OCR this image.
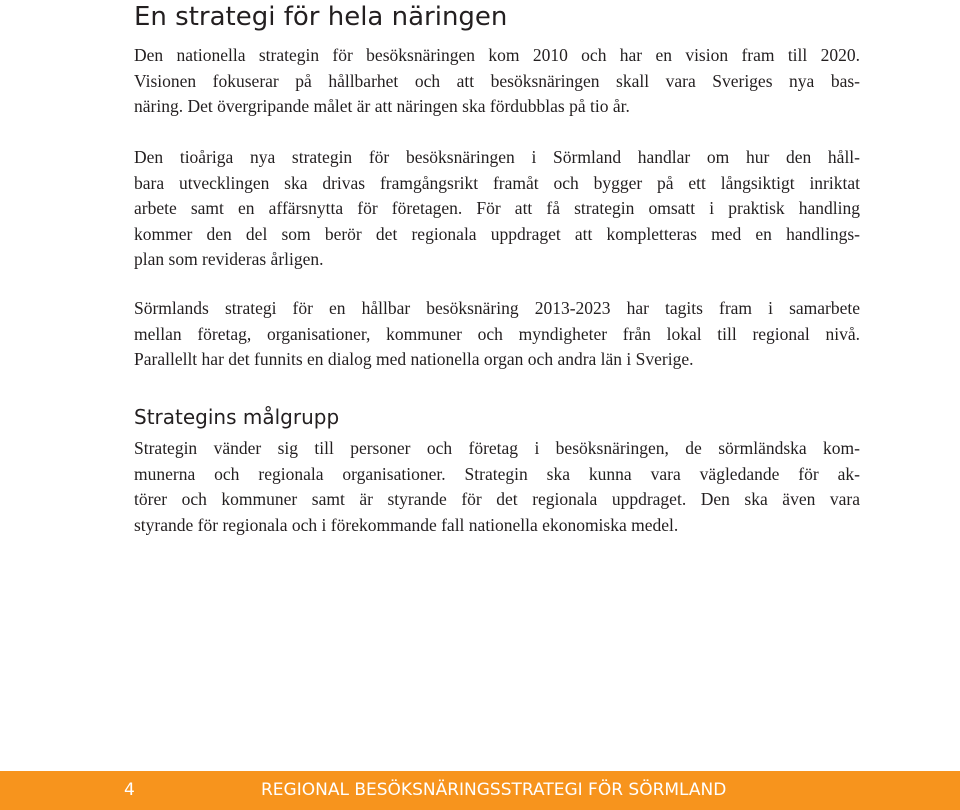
En strategi för hela näringen

Den nationella strategin för besöksnäringen kom 2010 och har en vision fram till 2020.
Visionen fokuserar på hållbarhet och att besöksnäringen skall vara Sveriges nya bas-
näring. Det övergripande målet är att näringen ska fördubblas på tio år.

Den tioåriga nya strategin för besöksnäringen i Sörmland handlar om hur den håll-
bara utvecklingen ska drivas framgångsrikt framåt och bygger på ett långsiktigt inriktat
arbete samt en affärsnytta för företagen. För att få strategin omsatt i praktisk handling
kommer den del som berör det regionala uppdraget att kompletteras med en handlings-
plan som revideras årligen.

Sörmlands strategi för en hållbar besöksnäring 2013-2023 har tagits fram i samarbete
mellan företag, organisationer, kommuner och myndigheter från lokal till regional nivå.
Parallellt har det funnits en dialog med nationella organ och andra län i Sverige.

Strategins målgrupp

Strategin vänder sig till personer och företag i besöksnäringen, de sörmländska kom-
munerna och regionala organisationer. Strategin ska kunna vara vägledande för ak-
törer och kommuner samt är styrande för det regionala uppdraget. Den ska även vara
styrande för regionala och i förekommande fall nationella ekonomiska medel.

4	REGIONAL BESÖKSNÄRINGSSTRATEGI FÖR SÖRMLAND
